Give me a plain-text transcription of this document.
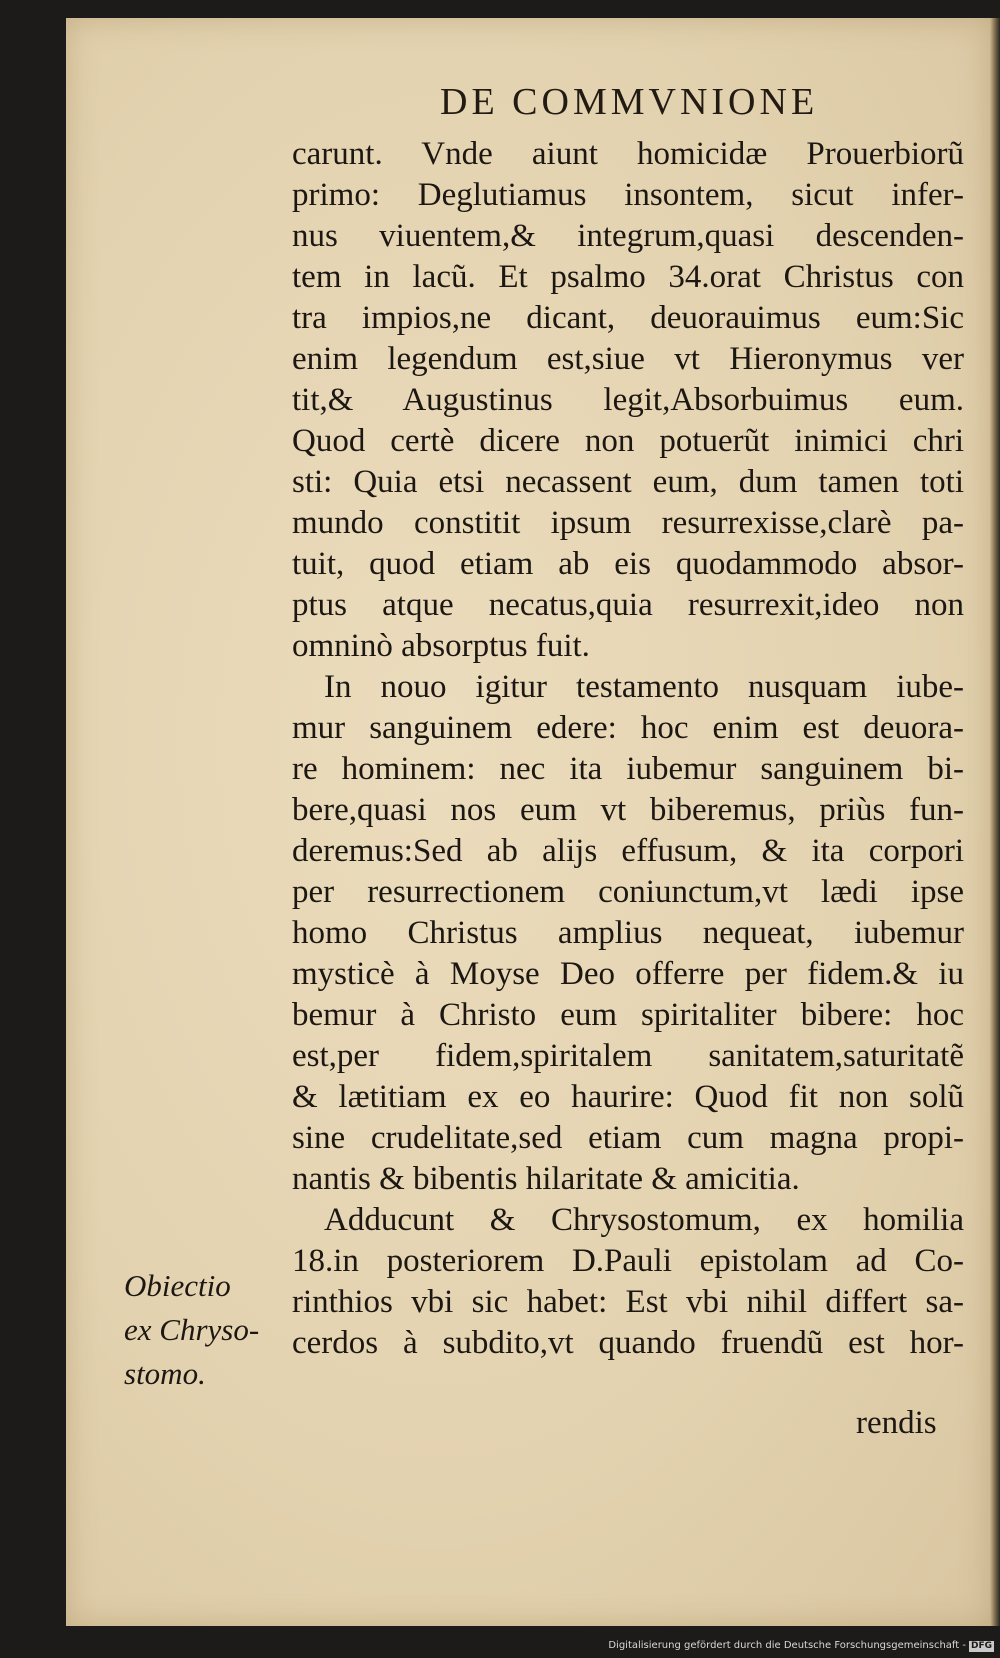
DE COMMVNIONE
carunt. Vnde aiunt homicidæ Prouerbiorũ
primo: Deglutiamus insontem, sicut infer-
nus viuentem,& integrum,quasi descenden-
tem in lacũ. Et psalmo 34.orat Christus con
tra impios,ne dicant, deuorauimus eum:Sic
enim legendum est,siue vt Hieronymus ver
tit,& Augustinus legit,Absorbuimus eum.
Quod certè dicere non potuerũt inimici chri
sti: Quia etsi necassent eum, dum tamen toti
mundo constitit ipsum resurrexisse,clarè pa-
tuit, quod etiam ab eis quodammodo absor-
ptus atque necatus,quia resurrexit,ideo non
omninò absorptus fuit.
In nouo igitur testamento nusquam iube-
mur sanguinem edere: hoc enim est deuora-
re hominem: nec ita iubemur sanguinem bi-
bere,quasi nos eum vt biberemus, priùs fun-
deremus:Sed ab alijs effusum, & ita corpori
per resurrectionem coniunctum,vt lædi ipse
homo Christus amplius nequeat, iubemur
mysticè à Moyse Deo offerre per fidem.& iu
bemur à Christo eum spiritaliter bibere: hoc
est,per fidem,spiritalem sanitatem,saturitatẽ
& lætitiam ex eo haurire: Quod fit non solũ
sine crudelitate,sed etiam cum magna propi-
nantis & bibentis hilaritate & amicitia.
Adducunt & Chrysostomum, ex homilia
18.in posteriorem D.Pauli epistolam ad Co-
rinthios vbi sic habet: Est vbi nihil differt sa-
cerdos à subdito,vt quando fruendũ est hor-
rendis
Obiectio
ex Chryso-
stomo.
Digitalisierung gefördert durch die Deutsche Forschungsgemeinschaft - DFG
